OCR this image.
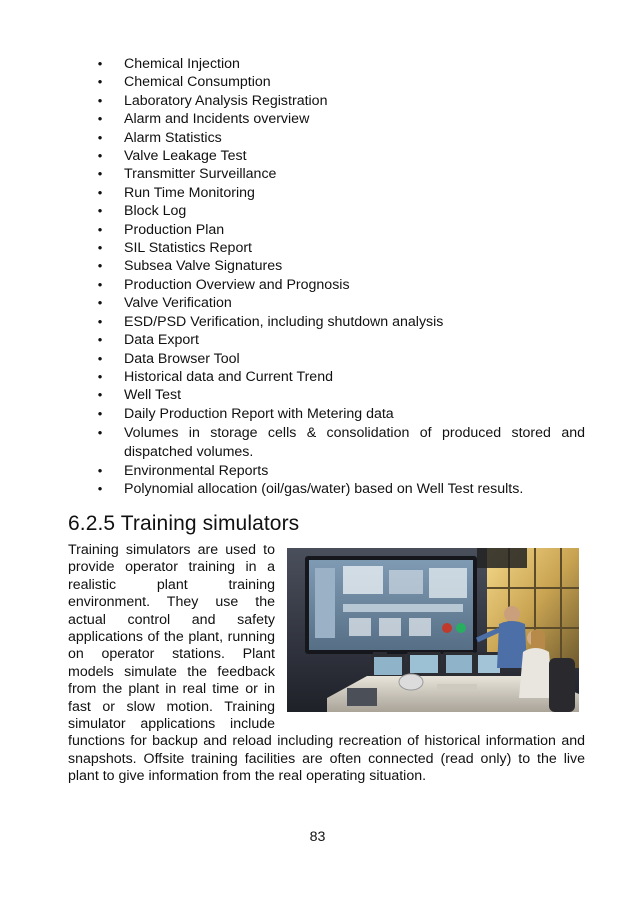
• Chemical Injection
• Chemical Consumption
• Laboratory Analysis Registration
• Alarm and Incidents overview
• Alarm Statistics
• Valve Leakage Test
• Transmitter Surveillance
• Run Time Monitoring
• Block Log
• Production Plan
• SIL Statistics Report
• Subsea Valve Signatures
• Production Overview and Prognosis
• Valve Verification
• ESD/PSD Verification, including shutdown analysis
• Data Export
• Data Browser Tool
• Historical data and Current Trend
• Well Test
• Daily Production Report with Metering data
• Volumes in storage cells & consolidation of produced stored and dispatched volumes.
• Environmental Reports
• Polynomial allocation (oil/gas/water) based on Well Test results.
6.2.5 Training simulators

Training simulators are used to provide operator training in a realistic plant training environment. They use the actual control and safety applications of the plant, running on operator stations. Plant models simulate the feedback from the plant in real time or in fast or slow motion. Training simulator applications include functions for backup and reload including recreation of historical information and snapshots. Offsite training facilities are often connected (read only) to the live plant to give information from the real operating situation.

83
